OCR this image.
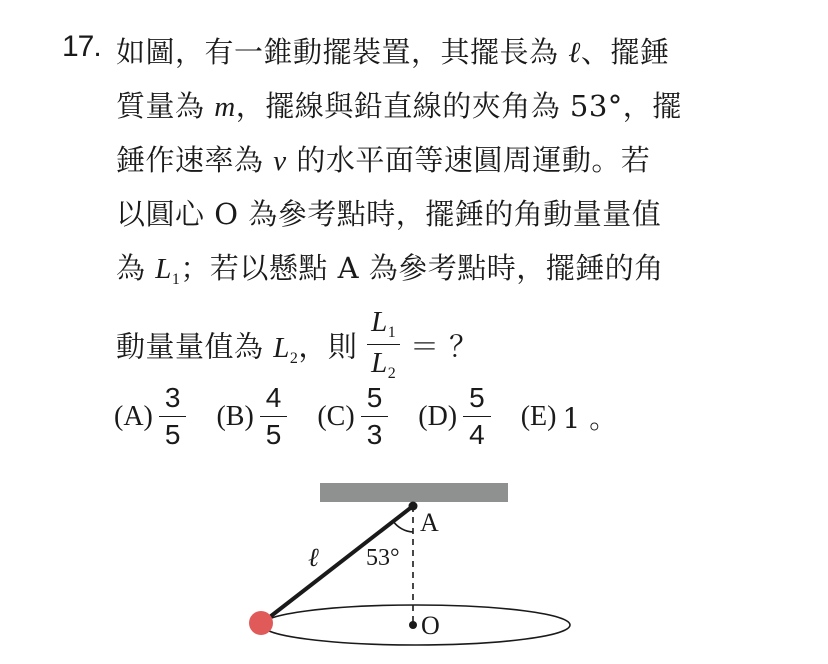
17. 如圖，有一錐動擺裝置，其擺長為 ℓ、擺錘
質量為 m，擺線與鉛直線的夾角為 53°，擺
錘作速率為 v 的水平面等速圓周運動。若
以圓心 O 為參考點時，擺錘的角動量量值
為 $L_1$；若以懸點 A 為參考點時，擺錘的角
動量量值為 $L_2$，則 $\frac{L_1}{L_2}$ ＝ ？
$(A) \frac{3}{5} (B) \frac{4}{5} (C) \frac{5}{3} (D) \frac{5}{4} (E)$ 1 。
A
53°
ℓ
O
